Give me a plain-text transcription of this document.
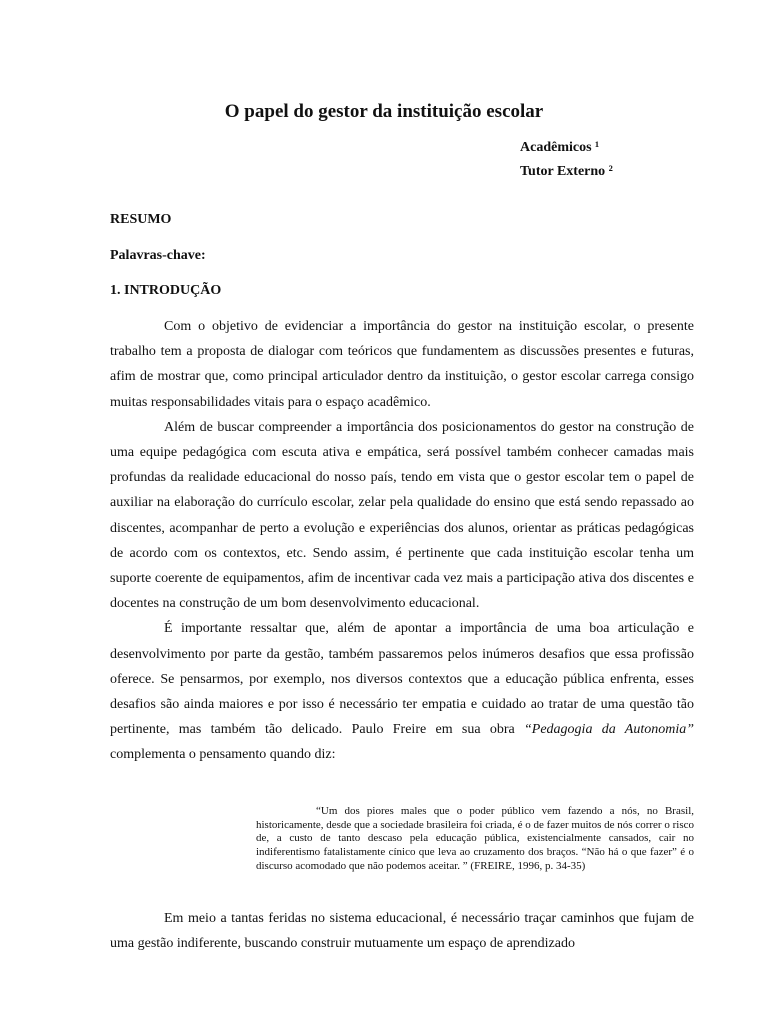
O papel do gestor da instituição escolar
Acadêmicos ¹
Tutor Externo ²
RESUMO
Palavras-chave:
1. INTRODUÇÃO

Com o objetivo de evidenciar a importância do gestor na instituição escolar, o presente trabalho tem a proposta de dialogar com teóricos que fundamentem as discussões presentes e futuras, afim de mostrar que, como principal articulador dentro da instituição, o gestor escolar carrega consigo muitas responsabilidades vitais para o espaço acadêmico.

Além de buscar compreender a importância dos posicionamentos do gestor na construção de uma equipe pedagógica com escuta ativa e empática, será possível também conhecer camadas mais profundas da realidade educacional do nosso país, tendo em vista que o gestor escolar tem o papel de auxiliar na elaboração do currículo escolar, zelar pela qualidade do ensino que está sendo repassado ao discentes, acompanhar de perto a evolução e experiências dos alunos, orientar as práticas pedagógicas de acordo com os contextos, etc. Sendo assim, é pertinente que cada instituição escolar tenha um suporte coerente de equipamentos, afim de incentivar cada vez mais a participação ativa dos discentes e docentes na construção de um bom desenvolvimento educacional.

É importante ressaltar que, além de apontar a importância de uma boa articulação e desenvolvimento por parte da gestão, também passaremos pelos inúmeros desafios que essa profissão oferece. Se pensarmos, por exemplo, nos diversos contextos que a educação pública enfrenta, esses desafios são ainda maiores e por isso é necessário ter empatia e cuidado ao tratar de uma questão tão pertinente, mas também tão delicado. Paulo Freire em sua obra “Pedagogia da Autonomia” complementa o pensamento quando diz:

“Um dos piores males que o poder público vem fazendo a nós, no Brasil, historicamente, desde que a sociedade brasileira foi criada, é o de fazer muitos de nós correr o risco de, a custo de tanto descaso pela educação pública, existencialmente cansados, cair no indiferentismo fatalistamente cínico que leva ao cruzamento dos braços. “Não há o que fazer” é o discurso acomodado que não podemos aceitar. ” (FREIRE, 1996, p. 34-35)

Em meio a tantas feridas no sistema educacional, é necessário traçar caminhos que fujam de uma gestão indiferente, buscando construir mutuamente um espaço de aprendizado
